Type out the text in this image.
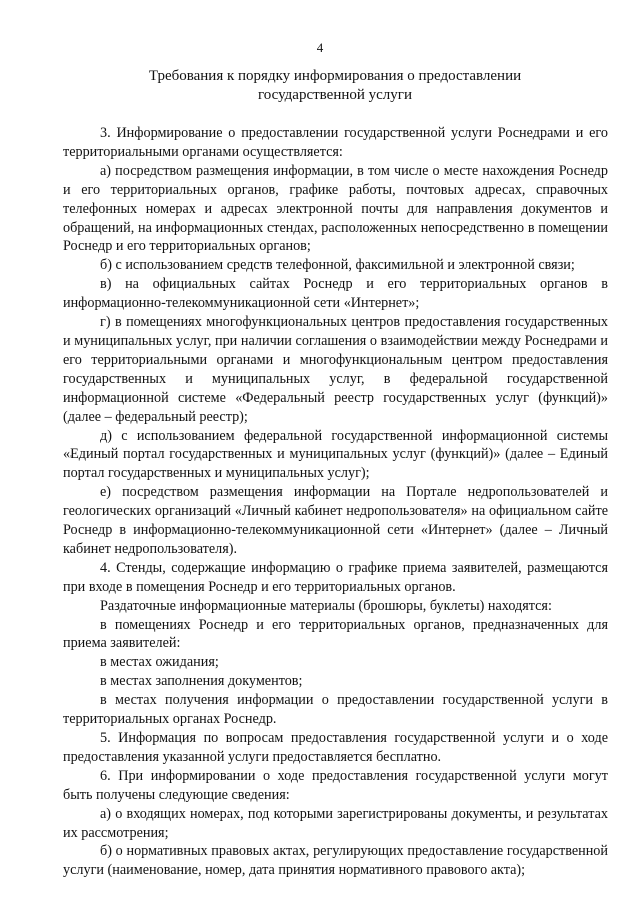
4
Требования к порядку информирования о предоставлении
государственной услуги

3. Информирование о предоставлении государственной услуги Роснедрами и его территориальными органами осуществляется:

а) посредством размещения информации, в том числе о месте нахождения Роснедр и его территориальных органов, графике работы, почтовых адресах, справочных телефонных номерах и адресах электронной почты для направления документов и обращений, на информационных стендах, расположенных непосредственно в помещении Роснедр и его территориальных органов;

б) с использованием средств телефонной, факсимильной и электронной связи;

в) на официальных сайтах Роснедр и его территориальных органов в информационно-телекоммуникационной сети «Интернет»;

г) в помещениях многофункциональных центров предоставления государственных и муниципальных услуг, при наличии соглашения о взаимодействии между Роснедрами и его территориальными органами и многофункциональным центром предоставления государственных и муниципальных услуг, в федеральной государственной информационной системе «Федеральный реестр государственных услуг (функций)» (далее – федеральный реестр);

д) с использованием федеральной государственной информационной системы «Единый портал государственных и муниципальных услуг (функций)» (далее – Единый портал государственных и муниципальных услуг);

е) посредством размещения информации на Портале недропользователей и геологических организаций «Личный кабинет недропользователя» на официальном сайте Роснедр в информационно-телекоммуникационной сети «Интернет» (далее – Личный кабинет недропользователя).

4. Стенды, содержащие информацию о графике приема заявителей, размещаются при входе в помещения Роснедр и его территориальных органов.

Раздаточные информационные материалы (брошюры, буклеты) находятся:

в помещениях Роснедр и его территориальных органов, предназначенных для приема заявителей:

в местах ожидания;

в местах заполнения документов;

в местах получения информации о предоставлении государственной услуги в территориальных органах Роснедр.

5. Информация по вопросам предоставления государственной услуги и о ходе предоставления указанной услуги предоставляется бесплатно.

6. При информировании о ходе предоставления государственной услуги могут быть получены следующие сведения:

а) о входящих номерах, под которыми зарегистрированы документы, и результатах их рассмотрения;

б) о нормативных правовых актах, регулирующих предоставление государственной услуги (наименование, номер, дата принятия нормативного правового акта);
